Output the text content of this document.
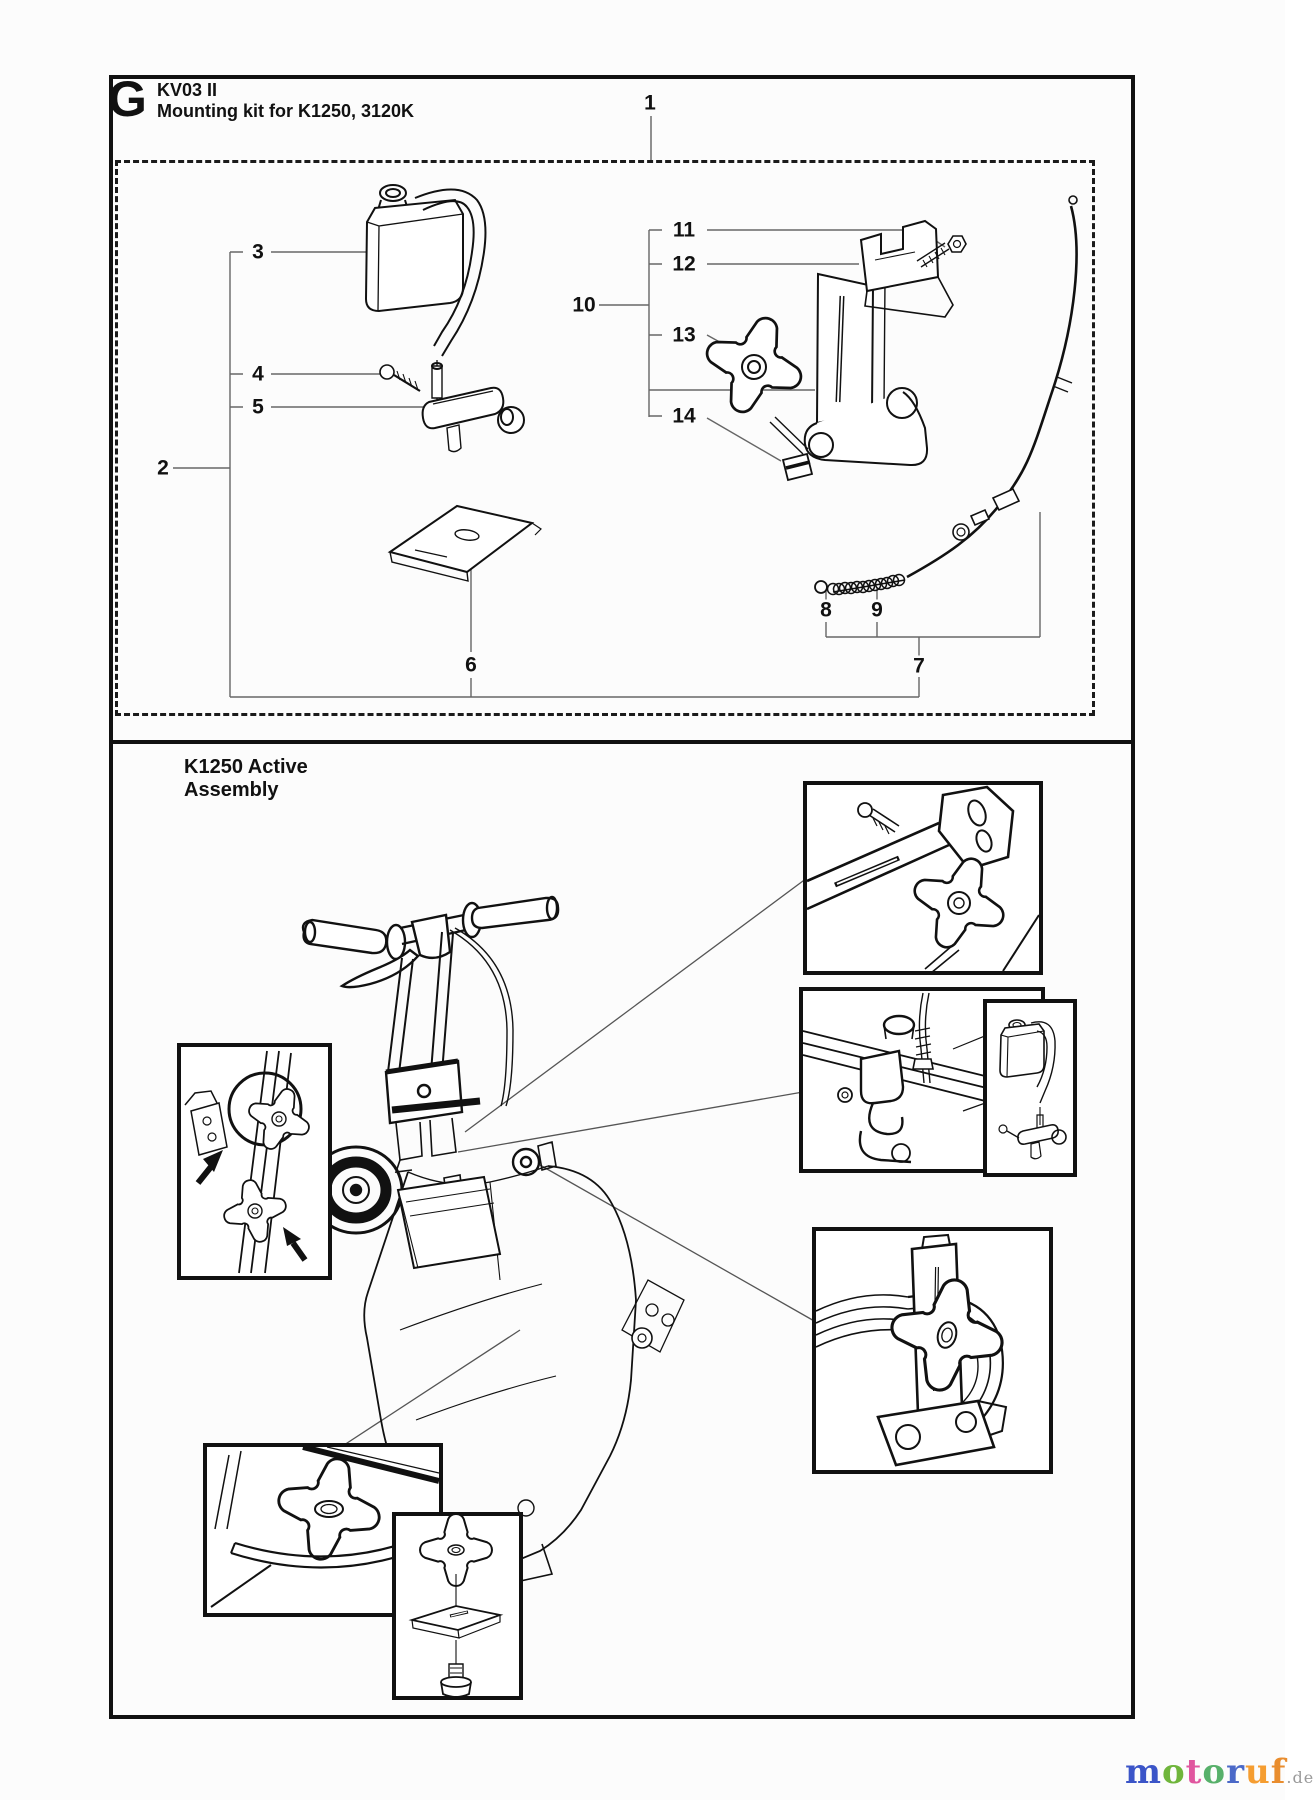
G KV03 II
Mounting kit for K1250, 3120K	1
2
3
4
5
6	7
8 9
10
11
12
13
14
K1250 Active
Assembly
motoruf.de
